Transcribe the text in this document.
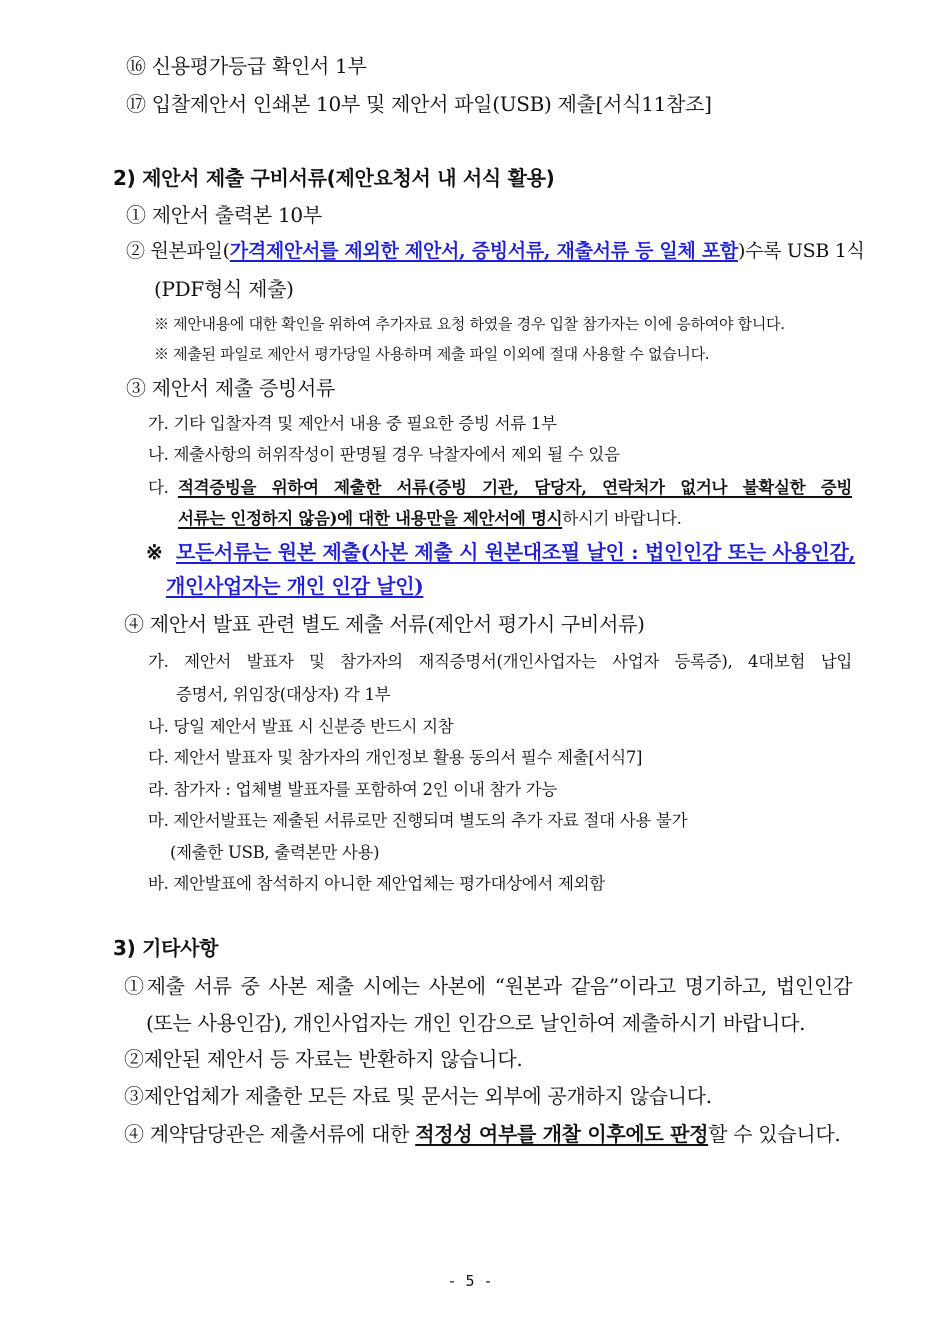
⑯ 신용평가등급 확인서 1부
⑰ 입찰제안서 인쇄본 10부 및 제안서 파일(USB) 제출[서식11참조]
2) 제안서 제출 구비서류(제안요청서 내 서식 활용)
① 제안서 출력본 10부
② 원본파일(가격제안서를 제외한 제안서, 증빙서류, 재출서류 등 일체 포함)수록 USB 1식
(PDF형식 제출)
※ 제안내용에 대한 확인을 위하여 추가자료 요청 하였을 경우 입찰 참가자는 이에 응하여야 합니다.
※ 제출된 파일로 제안서 평가당일 사용하며 제출 파일 이외에 절대 사용할 수 없습니다.
③ 제안서 제출 증빙서류
가. 기타 입찰자격 및 제안서 내용 중 필요한 증빙 서류 1부
나. 제출사항의 허위작성이 판명될 경우 낙찰자에서 제외 될 수 있음
다. 적격증빙을 위하여 제출한 서류(증빙 기관, 담당자, 연락처가 없거나 불확실한 증빙
서류는 인정하지 않음)에 대한 내용만을 제안서에 명시하시기 바랍니다.
※ 모든서류는 원본 제출(사본 제출 시 원본대조필 날인 : 법인인감 또는 사용인감,
개인사업자는 개인 인감 날인)
④ 제안서 발표 관련 별도 제출 서류(제안서 평가시 구비서류)
가. 제안서 발표자 및 참가자의 재직증명서(개인사업자는 사업자 등록증), 4대보험 납입
증명서, 위임장(대상자) 각 1부
나. 당일 제안서 발표 시 신분증 반드시 지참
다. 제안서 발표자 및 참가자의 개인정보 활용 동의서 필수 제출[서식7]
라. 참가자 : 업체별 발표자를 포함하여 2인 이내 참가 가능
마. 제안서발표는 제출된 서류로만 진행되며 별도의 추가 자료 절대 사용 불가
(제출한 USB, 출력본만 사용)
바. 제안발표에 참석하지 아니한 제안업체는 평가대상에서 제외함
3) 기타사항
①제출 서류 중 사본 제출 시에는 사본에 “원본과 같음”이라고 명기하고, 법인인감
(또는 사용인감), 개인사업자는 개인 인감으로 날인하여 제출하시기 바랍니다.
②제안된 제안서 등 자료는 반환하지 않습니다.
③제안업체가 제출한 모든 자료 및 문서는 외부에 공개하지 않습니다.
④ 계약담당관은 제출서류에 대한 적정성 여부를 개찰 이후에도 판정할 수 있습니다.
- 5 -
